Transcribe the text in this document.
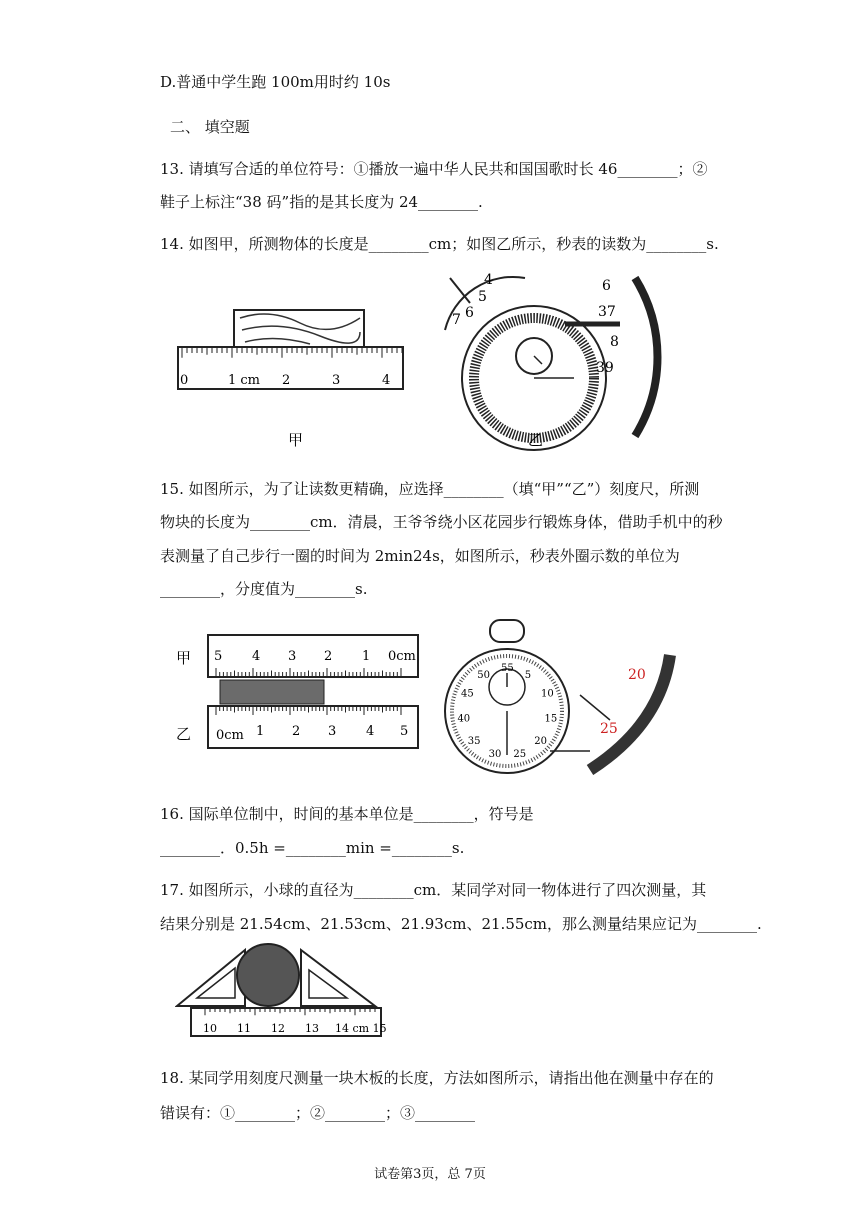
D.普通中学生跑 100m用时约 10s
二、 填空题
13. 请填写合适的单位符号：①播放一遍中华人民共和国国歌时长 46________；②
鞋子上标注“38 码”指的是其长度为 24________.
14. 如图甲，所测物体的长度是________cm；如图乙所示，秒表的读数为________s.
0	1 cm 2	3	4
甲
4
5
6
7
6
37
8
39
乙
15. 如图所示，为了让读数更精确，应选择________（填“甲”“乙”）刻度尺，所测
物块的长度为________cm．清晨，王爷爷绕小区花园步行锻炼身体，借助手机中的秒
表测量了自己步行一圈的时间为 2min24s，如图所示，秒表外圈示数的单位为
________，分度值为________s.
甲 5 4 3 2 1 0cm
乙 0cm 1 2 3 4 5
55
5
10
15
20
25
30
35
40
45
50	20
25
16. 国际单位制中，时间的基本单位是________，符号是
________．0.5h =________min =________s.
17. 如图所示，小球的直径为________cm．某同学对同一物体进行了四次测量，其
结果分别是 21.54cm、21.53cm、21.93cm、21.55cm，那么测量结果应记为________.
10 11 12 13 14 cm 15
18. 某同学用刻度尺测量一块木板的长度，方法如图所示，请指出他在测量中存在的
错误有：①________；②________；③________
试卷第3页，总 7页
